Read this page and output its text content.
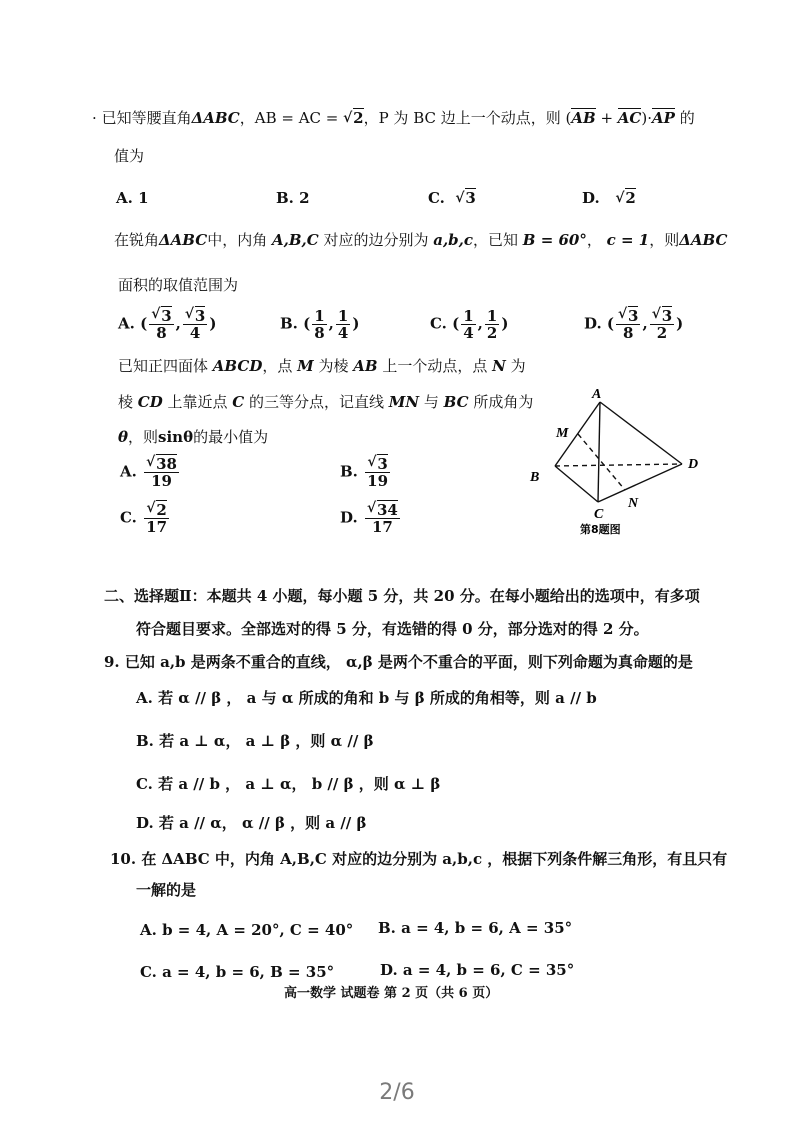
· 已知等腰直角ΔABC，AB = AC = √ 2，P 为 BC 边上一个动点，则 (AB + AC)·AP 的
值为
A. 1	B. 2	C. √ 3	D. √ 2
在锐角ΔABC中，内角 A,B,C 对应的边分别为 a,b,c，已知 B = 60°， c = 1，则ΔABC
面积的取值范围为
A. ( √ $\frac{3}{8}$ , √ $\frac{3}{4}$ )	B. ( $\frac{1}{8}$ , $\frac{1}{4}$ )	C. ( $\frac{1}{4}$ , $\frac{1}{2}$ )	D. ( √ $\frac{3}{8}$ , √ $\frac{3}{2}$ )
已知正四面体 ABCD，点 M 为棱 AB 上一个动点，点 N 为
棱 CD 上靠近点 C 的三等分点，记直线 MN 与 BC 所成角为
θ，则sinθ的最小值为
A. √ $\frac{38}{19}$	B. √ $\frac{3}{19}$
C. √ $\frac{2}{17}$	D. √ $\frac{34}{17}$
A
B
C
D
M
N
第8题图
二、选择题Ⅱ：本题共 4 小题，每小题 5 分，共 20 分。在每小题给出的选项中，有多项
符合题目要求。全部选对的得 5 分，有选错的得 0 分，部分选对的得 2 分。
9. 已知 a,b 是两条不重合的直线， α,β 是两个不重合的平面，则下列命题为真命题的是
A. 若 α // β ， a 与 α 所成的角和 b 与 β 所成的角相等，则 a // b
B. 若 a ⊥ α， a ⊥ β ，则 α // β
C. 若 a // b ， a ⊥ α， b // β ，则 α ⊥ β
D. 若 a // α， α // β ，则 a // β
10. 在 ΔABC 中，内角 A,B,C 对应的边分别为 a,b,c ，根据下列条件解三角形，有且只有
一解的是
A. b = 4, A = 20°, C = 40° B. a = 4, b = 6, A = 35°
C. a = 4, b = 6, B = 35°	D. a = 4, b = 6, C = 35°
高一数学 试题卷 第 2 页（共 6 页）
2/6
